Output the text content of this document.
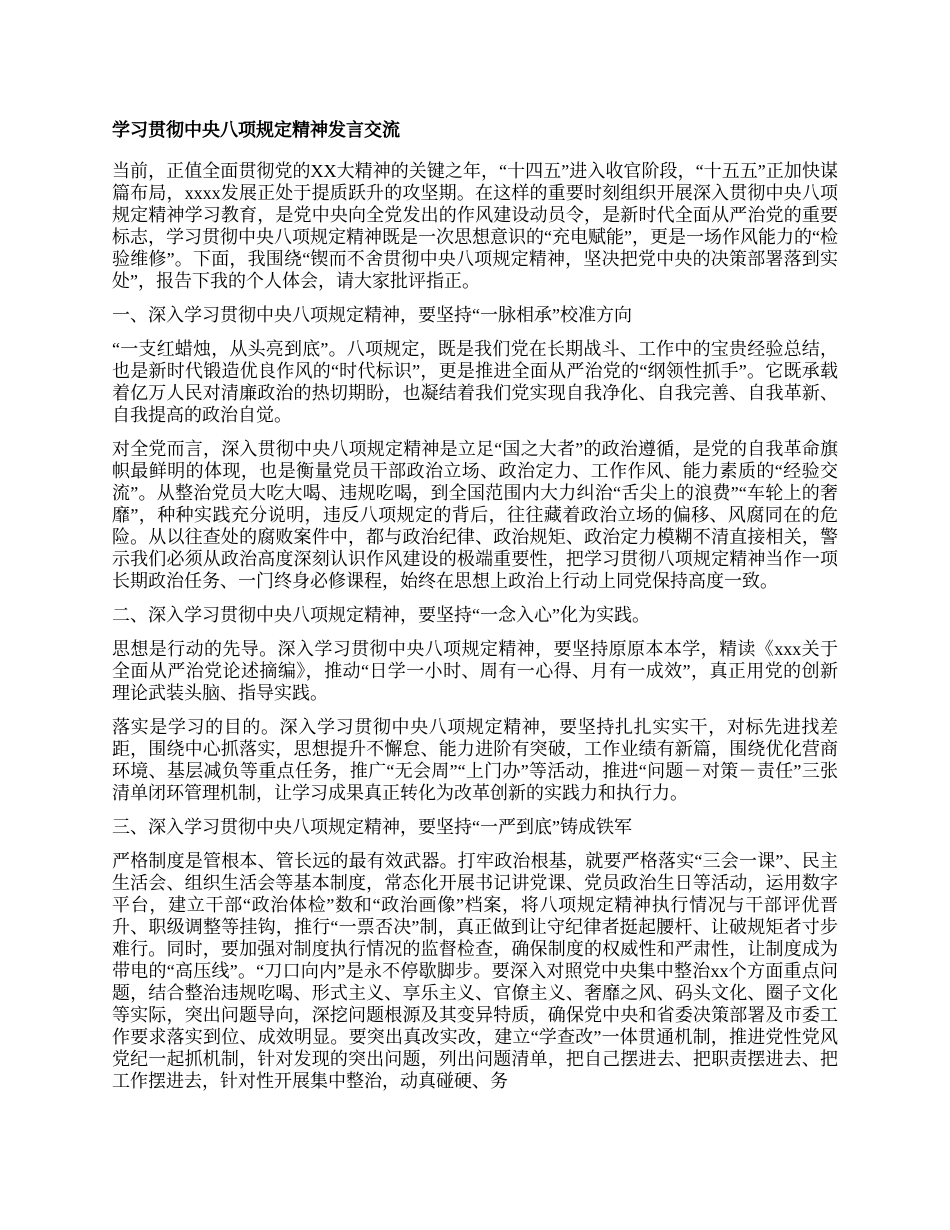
学习贯彻中央八项规定精神发言交流

当前，正值全面贯彻党的XX大精神的关键之年，“十四五”进入收官阶段，“十五五”正加快谋篇布局，xxxx发展正处于提质跃升的攻坚期。在这样的重要时刻组织开展深入贯彻中央八项规定精神学习教育，是党中央向全党发出的作风建设动员令，是新时代全面从严治党的重要标志，学习贯彻中央八项规定精神既是一次思想意识的“充电赋能”，更是一场作风能力的“检验维修”。下面，我围绕“锲而不舍贯彻中央八项规定精神，坚决把党中央的决策部署落到实处”，报告下我的个人体会，请大家批评指正。

一、深入学习贯彻中央八项规定精神，要坚持“一脉相承”校准方向

“一支红蜡烛，从头亮到底”。八项规定，既是我们党在长期战斗、工作中的宝贵经验总结，也是新时代锻造优良作风的“时代标识”，更是推进全面从严治党的“纲领性抓手”。它既承载着亿万人民对清廉政治的热切期盼，也凝结着我们党实现自我净化、自我完善、自我革新、自我提高的政治自觉。

对全党而言，深入贯彻中央八项规定精神是立足“国之大者”的政治遵循，是党的自我革命旗帜最鲜明的体现，也是衡量党员干部政治立场、政治定力、工作作风、能力素质的“经验交流”。从整治党员大吃大喝、违规吃喝，到全国范围内大力纠治“舌尖上的浪费”“车轮上的奢靡”，种种实践充分说明，违反八项规定的背后，往往藏着政治立场的偏移、风腐同在的危险。从以往查处的腐败案件中，都与政治纪律、政治规矩、政治定力模糊不清直接相关，警示我们必须从政治高度深刻认识作风建设的极端重要性，把学习贯彻八项规定精神当作一项长期政治任务、一门终身必修课程，始终在思想上政治上行动上同党保持高度一致。

二、深入学习贯彻中央八项规定精神，要坚持“一念入心”化为实践。

思想是行动的先导。深入学习贯彻中央八项规定精神，要坚持原原本本学，精读《xxx关于全面从严治党论述摘编》，推动“日学一小时、周有一心得、月有一成效”，真正用党的创新理论武装头脑、指导实践。

落实是学习的目的。深入学习贯彻中央八项规定精神，要坚持扎扎实实干，对标先进找差距，围绕中心抓落实，思想提升不懈怠、能力进阶有突破，工作业绩有新篇，围绕优化营商环境、基层减负等重点任务，推广“无会周”“上门办”等活动，推进“问题－对策－责任”三张清单闭环管理机制，让学习成果真正转化为改革创新的实践力和执行力。

三、深入学习贯彻中央八项规定精神，要坚持“一严到底”铸成铁军

严格制度是管根本、管长远的最有效武器。打牢政治根基，就要严格落实“三会一课”、民主生活会、组织生活会等基本制度，常态化开展书记讲党课、党员政治生日等活动，运用数字平台，建立干部“政治体检”数和“政治画像”档案，将八项规定精神执行情况与干部评优晋升、职级调整等挂钩，推行“一票否决”制，真正做到让守纪律者挺起腰杆、让破规矩者寸步难行。同时，要加强对制度执行情况的监督检查，确保制度的权威性和严肃性，让制度成为带电的“高压线”。“刀口向内”是永不停歇脚步。要深入对照党中央集中整治xx个方面重点问题，结合整治违规吃喝、形式主义、享乐主义、官僚主义、奢靡之风、码头文化、圈子文化等实际，突出问题导向，深挖问题根源及其变异特质，确保党中央和省委决策部署及市委工作要求落实到位、成效明显。要突出真改实改，建立“学查改”一体贯通机制，推进党性党风党纪一起抓机制，针对发现的突出问题，列出问题清单，把自己摆进去、把职责摆进去、把工作摆进去，针对性开展集中整治，动真碰硬、务
